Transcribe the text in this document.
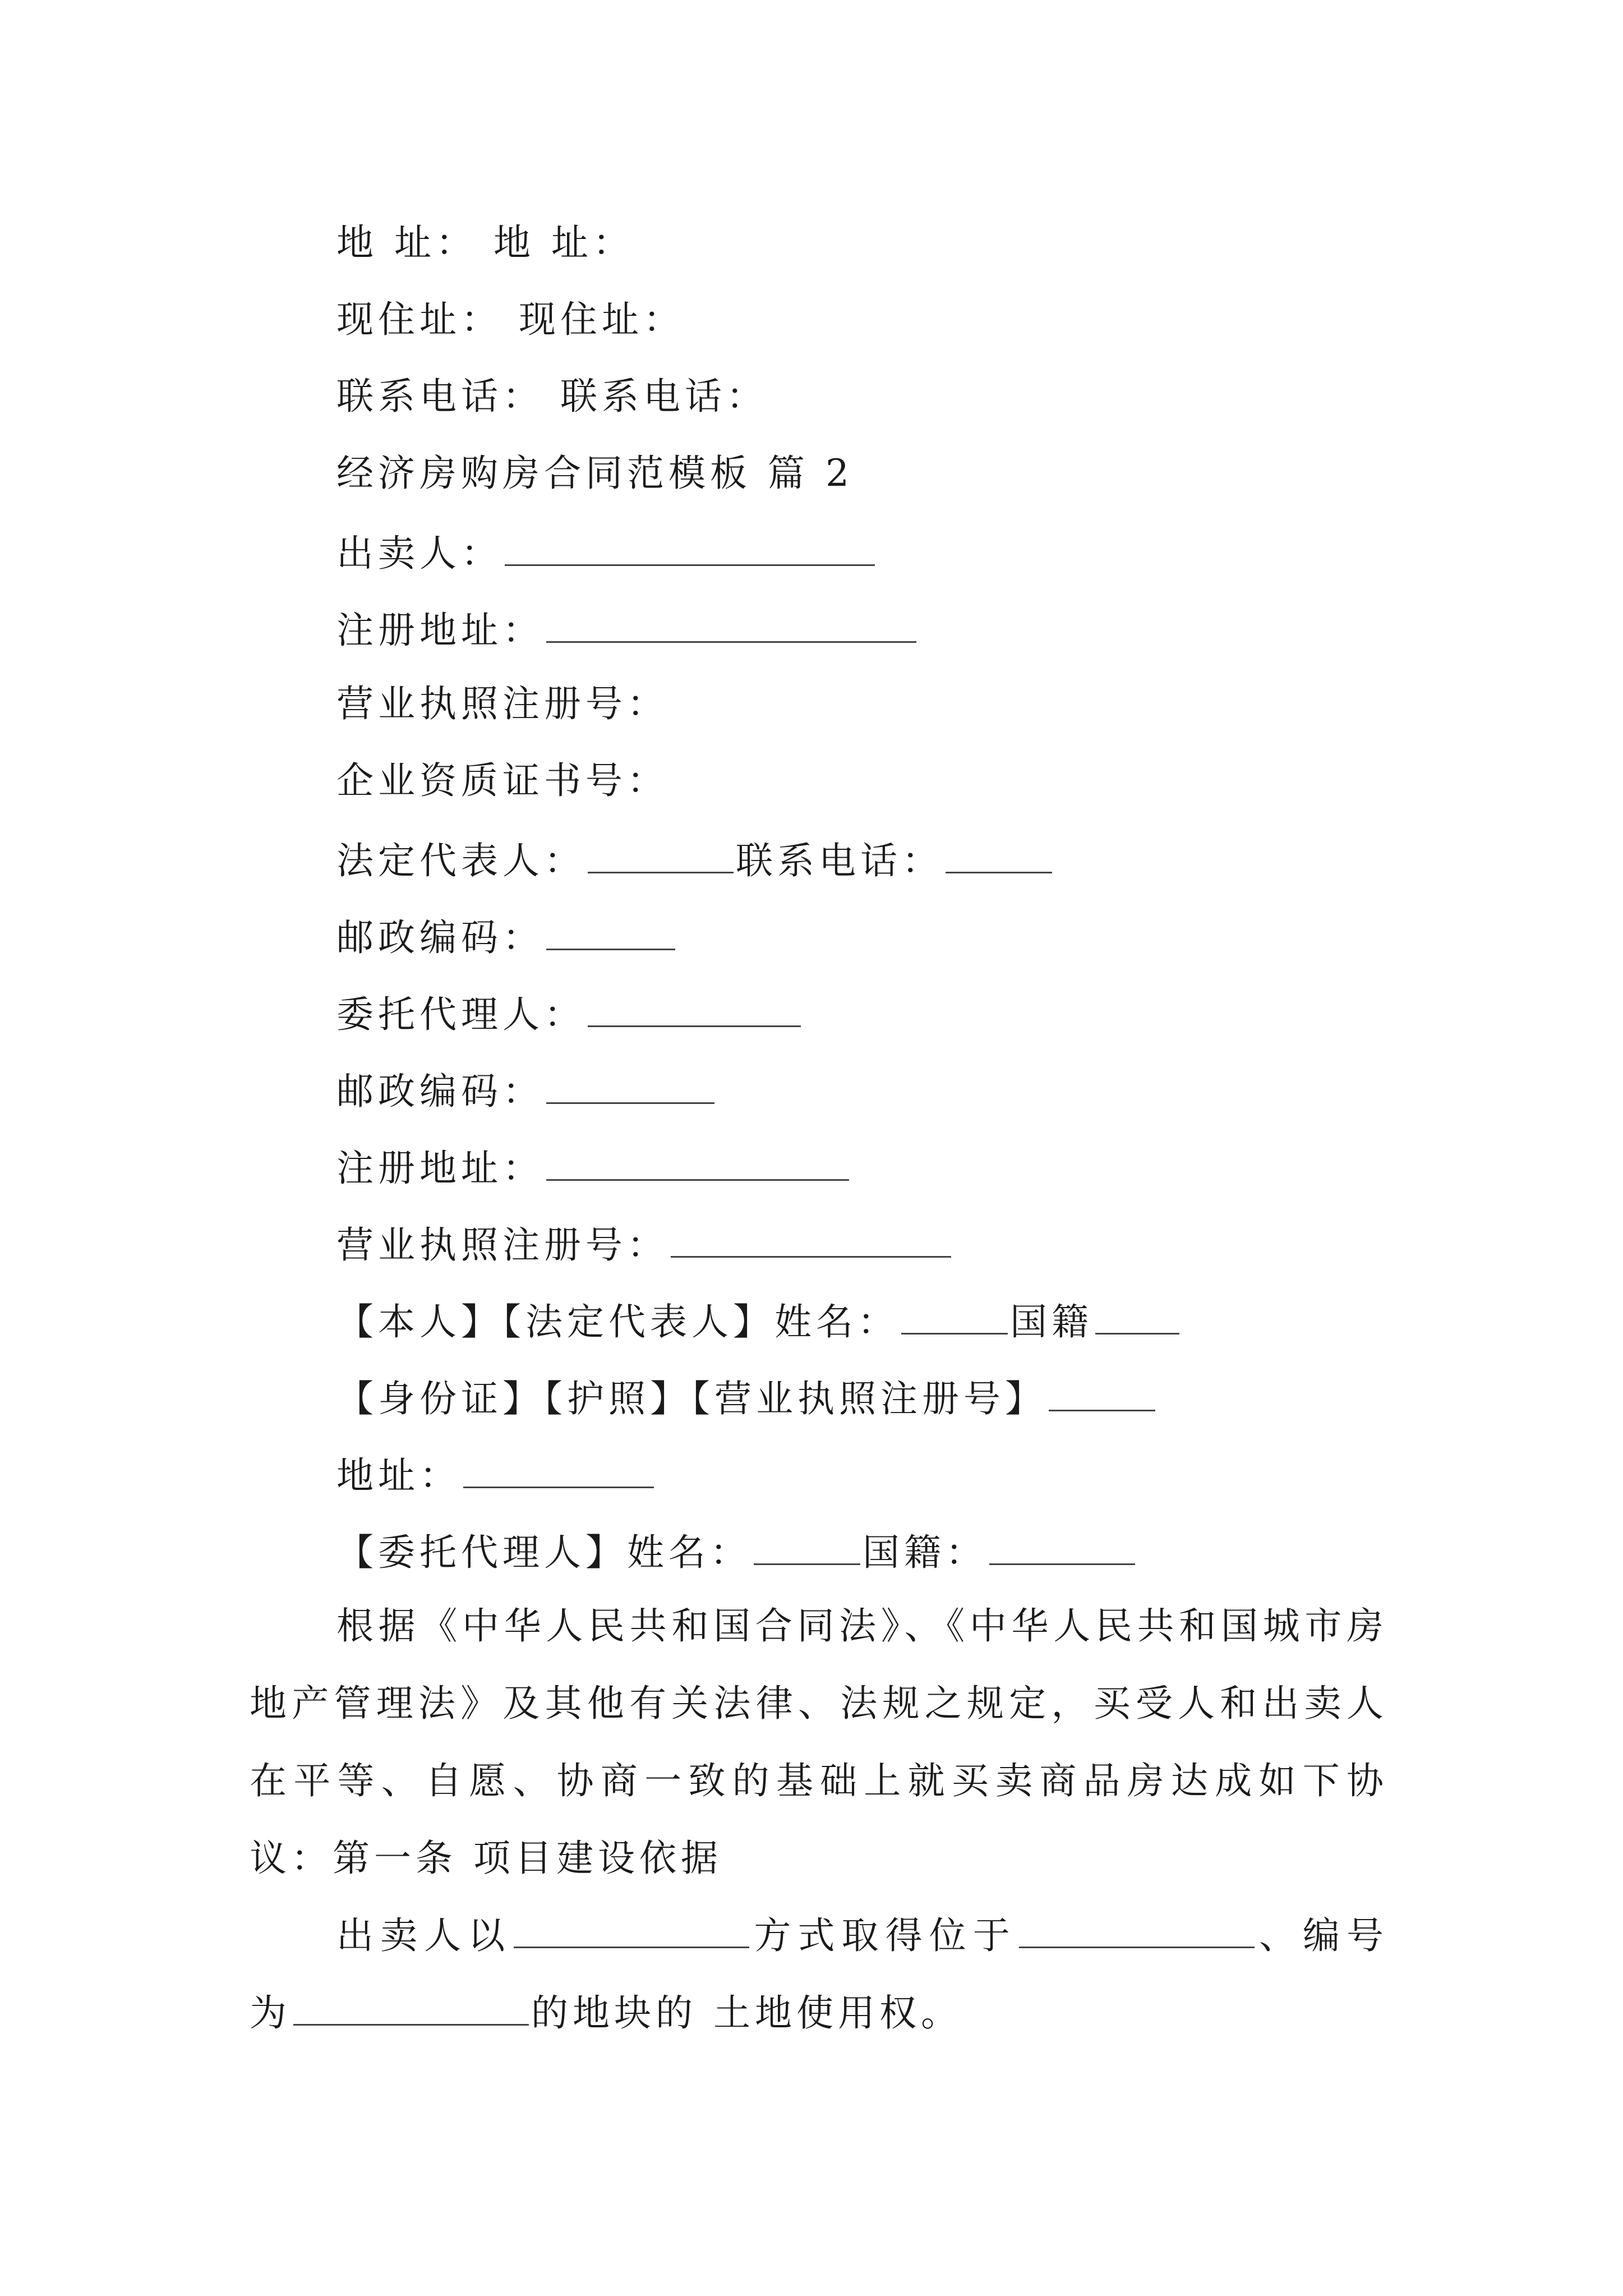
地 址： 地 址：
现住址： 现住址：
联系电话： 联系电话：
经济房购房合同范模板 篇 2
出卖人：
注册地址：
营业执照注册号：
企业资质证书号：
法定代表人：	联系电话：
邮政编码：
委托代理人：
邮政编码：
注册地址：
营业执照注册号：
【本人】【法定代表人】姓名：	国籍
【身份证】【护照】【营业执照注册号】
地址：
【委托代理人】姓名：	国籍：
根据《中华人民共和国合同法》、《中华人民共和国城市房地产管理法》及其他有关法律、法规之规定，买受人和出卖人在平等、自愿、协商一致的基础上就买卖商品房达成如下协议：第一条 项目建设依据
出卖人以	方式取得位于	、编号为	的地块的 土地使用权。
